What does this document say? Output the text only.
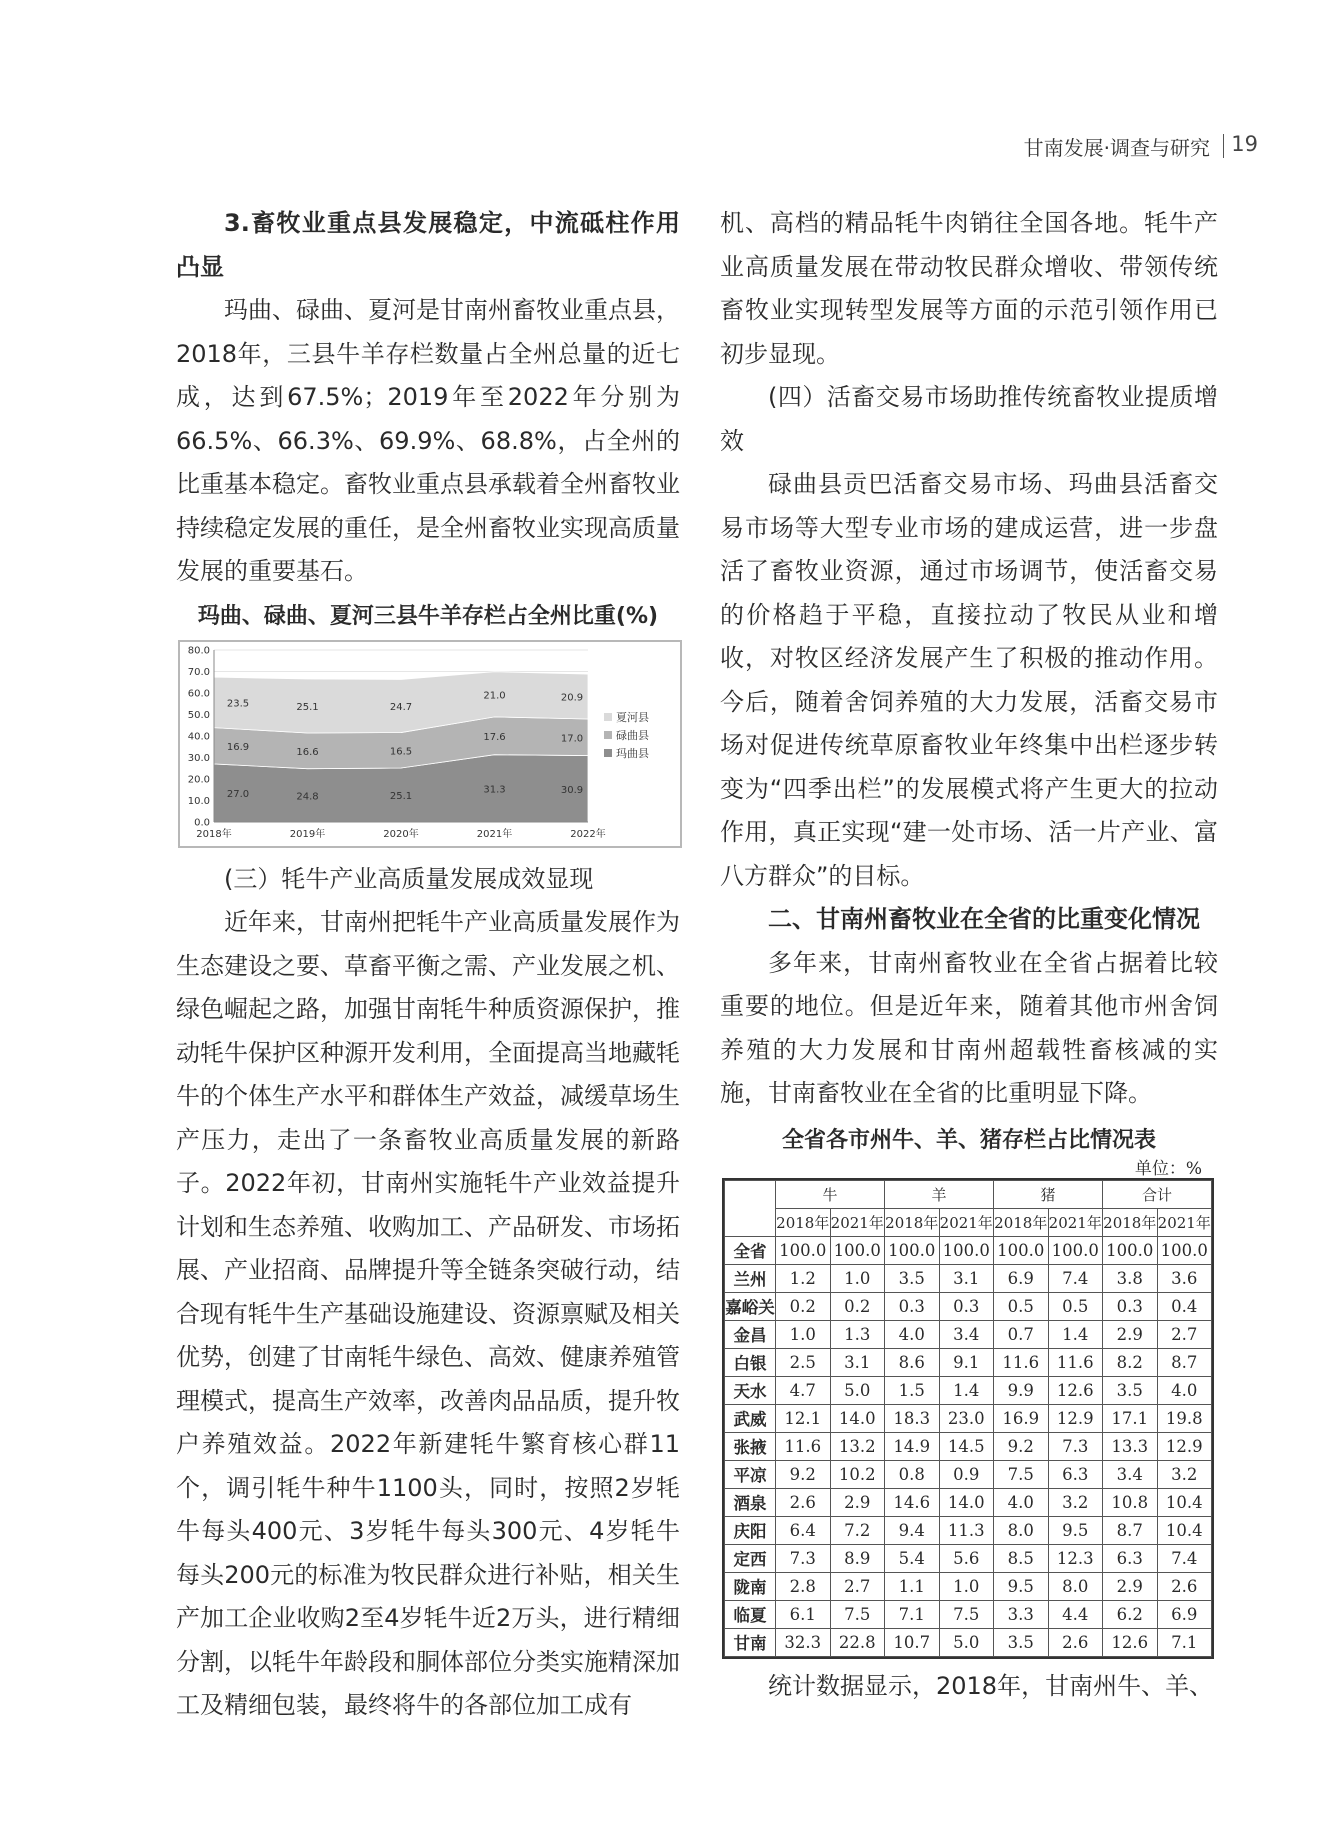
甘南发展·调查与研究 19

3.畜牧业重点县发展稳定，中流砥柱作用凸显

玛曲、碌曲、夏河是甘南州畜牧业重点县，2018年，三县牛羊存栏数量占全州总量的近七成，达到67.5%；2019年至2022年分别为66.5%、66.3%、69.9%、68.8%，占全州的比重基本稳定。畜牧业重点县承载着全州畜牧业持续稳定发展的重任，是全州畜牧业实现高质量发展的重要基石。

玛曲、碌曲、夏河三县牛羊存栏占全州比重(%)
27.0	24.8	25.1
31.3	30.9
16.9	16.6	16.5
17.6	17.0
23.5	25.1	24.7
21.0	20.9
80.0
70.0
60.0
50.0
40.0
30.0
20.0
10.0
0.0
2018年	2019年	2020年	2021年	2022年
夏河县
碌曲县
玛曲县

(三）牦牛产业高质量发展成效显现

近年来，甘南州把牦牛产业高质量发展作为生态建设之要、草畜平衡之需、产业发展之机、绿色崛起之路，加强甘南牦牛种质资源保护，推动牦牛保护区种源开发利用，全面提高当地藏牦牛的个体生产水平和群体生产效益，减缓草场生产压力，走出了一条畜牧业高质量发展的新路子。2022年初，甘南州实施牦牛产业效益提升计划和生态养殖、收购加工、产品研发、市场拓展、产业招商、品牌提升等全链条突破行动，结合现有牦牛生产基础设施建设、资源禀赋及相关优势，创建了甘南牦牛绿色、高效、健康养殖管理模式，提高生产效率，改善肉品品质，提升牧户养殖效益。2022年新建牦牛繁育核心群11个，调引牦牛种牛1100头，同时，按照2岁牦牛每头400元、3岁牦牛每头300元、4岁牦牛每头200元的标准为牧民群众进行补贴，相关生产加工企业收购2至4岁牦牛近2万头，进行精细分割，以牦牛年龄段和胴体部位分类实施精深加工及精细包装，最终将牛的各部位加工成有

机、高档的精品牦牛肉销往全国各地。牦牛产业高质量发展在带动牧民群众增收、带领传统畜牧业实现转型发展等方面的示范引领作用已初步显现。

(四）活畜交易市场助推传统畜牧业提质增效

碌曲县贡巴活畜交易市场、玛曲县活畜交易市场等大型专业市场的建成运营，进一步盘活了畜牧业资源，通过市场调节，使活畜交易的价格趋于平稳，直接拉动了牧民从业和增收，对牧区经济发展产生了积极的推动作用。今后，随着舍饲养殖的大力发展，活畜交易市场对促进传统草原畜牧业年终集中出栏逐步转变为“四季出栏”的发展模式将产生更大的拉动作用，真正实现“建一处市场、活一片产业、富八方群众”的目标。

二、甘南州畜牧业在全省的比重变化情况

多年来，甘南州畜牧业在全省占据着比较重要的地位。但是近年来，随着其他市州舍饲养殖的大力发展和甘南州超载牲畜核减的实施，甘南畜牧业在全省的比重明显下降。

全省各市州牛、羊、猪存栏占比情况表
单位：%
	牛		羊		猪		合计	
	2018年	2021年	2018年	2021年	2018年	2021年	2018年	2021年
全省	100.0	100.0	100.0	100.0	100.0	100.0	100.0	100.0
兰州	1.2	1.0	3.5	3.1	6.9	7.4	3.8	3.6
嘉峪关	0.2	0.2	0.3	0.3	0.5	0.5	0.3	0.4
金昌	1.0	1.3	4.0	3.4	0.7	1.4	2.9	2.7
白银	2.5	3.1	8.6	9.1	11.6	11.6	8.2	8.7
天水	4.7	5.0	1.5	1.4	9.9	12.6	3.5	4.0
武威	12.1	14.0	18.3	23.0	16.9	12.9	17.1	19.8
张掖	11.6	13.2	14.9	14.5	9.2	7.3	13.3	12.9
平凉	9.2	10.2	0.8	0.9	7.5	6.3	3.4	3.2
酒泉	2.6	2.9	14.6	14.0	4.0	3.2	10.8	10.4
庆阳	6.4	7.2	9.4	11.3	8.0	9.5	8.7	10.4
定西	7.3	8.9	5.4	5.6	8.5	12.3	6.3	7.4
陇南	2.8	2.7	1.1	1.0	9.5	8.0	2.9	2.6
临夏	6.1	7.5	7.1	7.5	3.3	4.4	6.2	6.9
甘南	32.3	22.8	10.7	5.0	3.5	2.6	12.6	7.1

统计数据显示，2018年，甘南州牛、羊、
